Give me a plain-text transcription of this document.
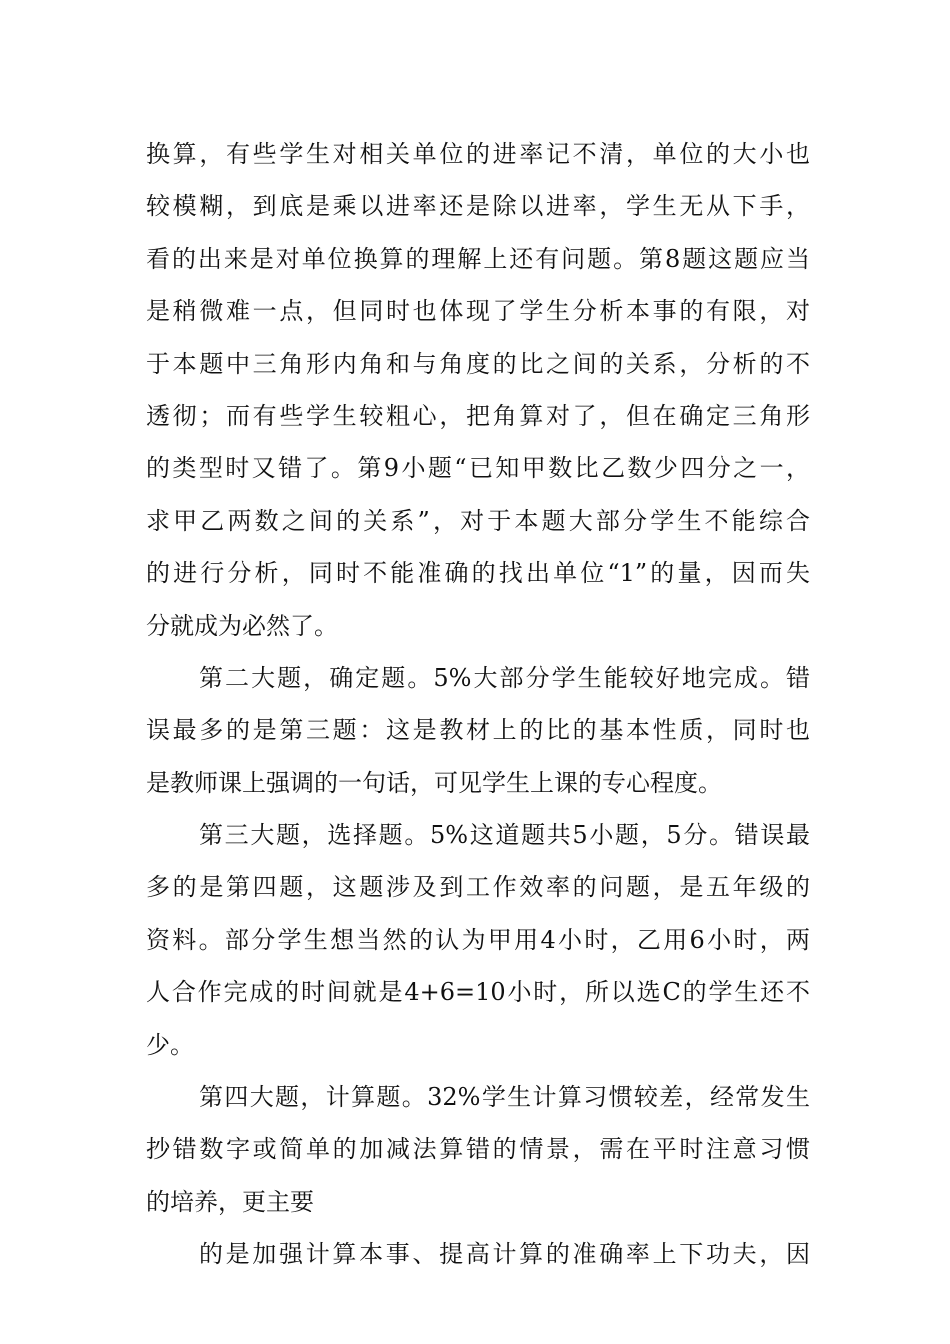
换算，有些学生对相关单位的进率记不清，单位的大小也
较模糊，到底是乘以进率还是除以进率，学生无从下手，
看的出来是对单位换算的理解上还有问题。第8题这题应当
是稍微难一点，但同时也体现了学生分析本事的有限，对
于本题中三角形内角和与角度的比之间的关系，分析的不
透彻；而有些学生较粗心，把角算对了，但在确定三角形
的类型时又错了。第9小题“已知甲数比乙数少四分之一，
求甲乙两数之间的关系”，对于本题大部分学生不能综合
的进行分析，同时不能准确的找出单位“1”的量，因而失
分就成为必然了。
第二大题，确定题。5%大部分学生能较好地完成。错
误最多的是第三题：这是教材上的比的基本性质，同时也
是教师课上强调的一句话，可见学生上课的专心程度。
第三大题，选择题。5%这道题共5小题，5分。错误最
多的是第四题，这题涉及到工作效率的问题，是五年级的
资料。部分学生想当然的认为甲用4小时，乙用6小时，两
人合作完成的时间就是4+6=10小时，所以选C的学生还不
少。
第四大题，计算题。32%学生计算习惯较差，经常发生
抄错数字或简单的加减法算错的情景，需在平时注意习惯
的培养，更主要
的是加强计算本事、提高计算的准确率上下功夫，因
